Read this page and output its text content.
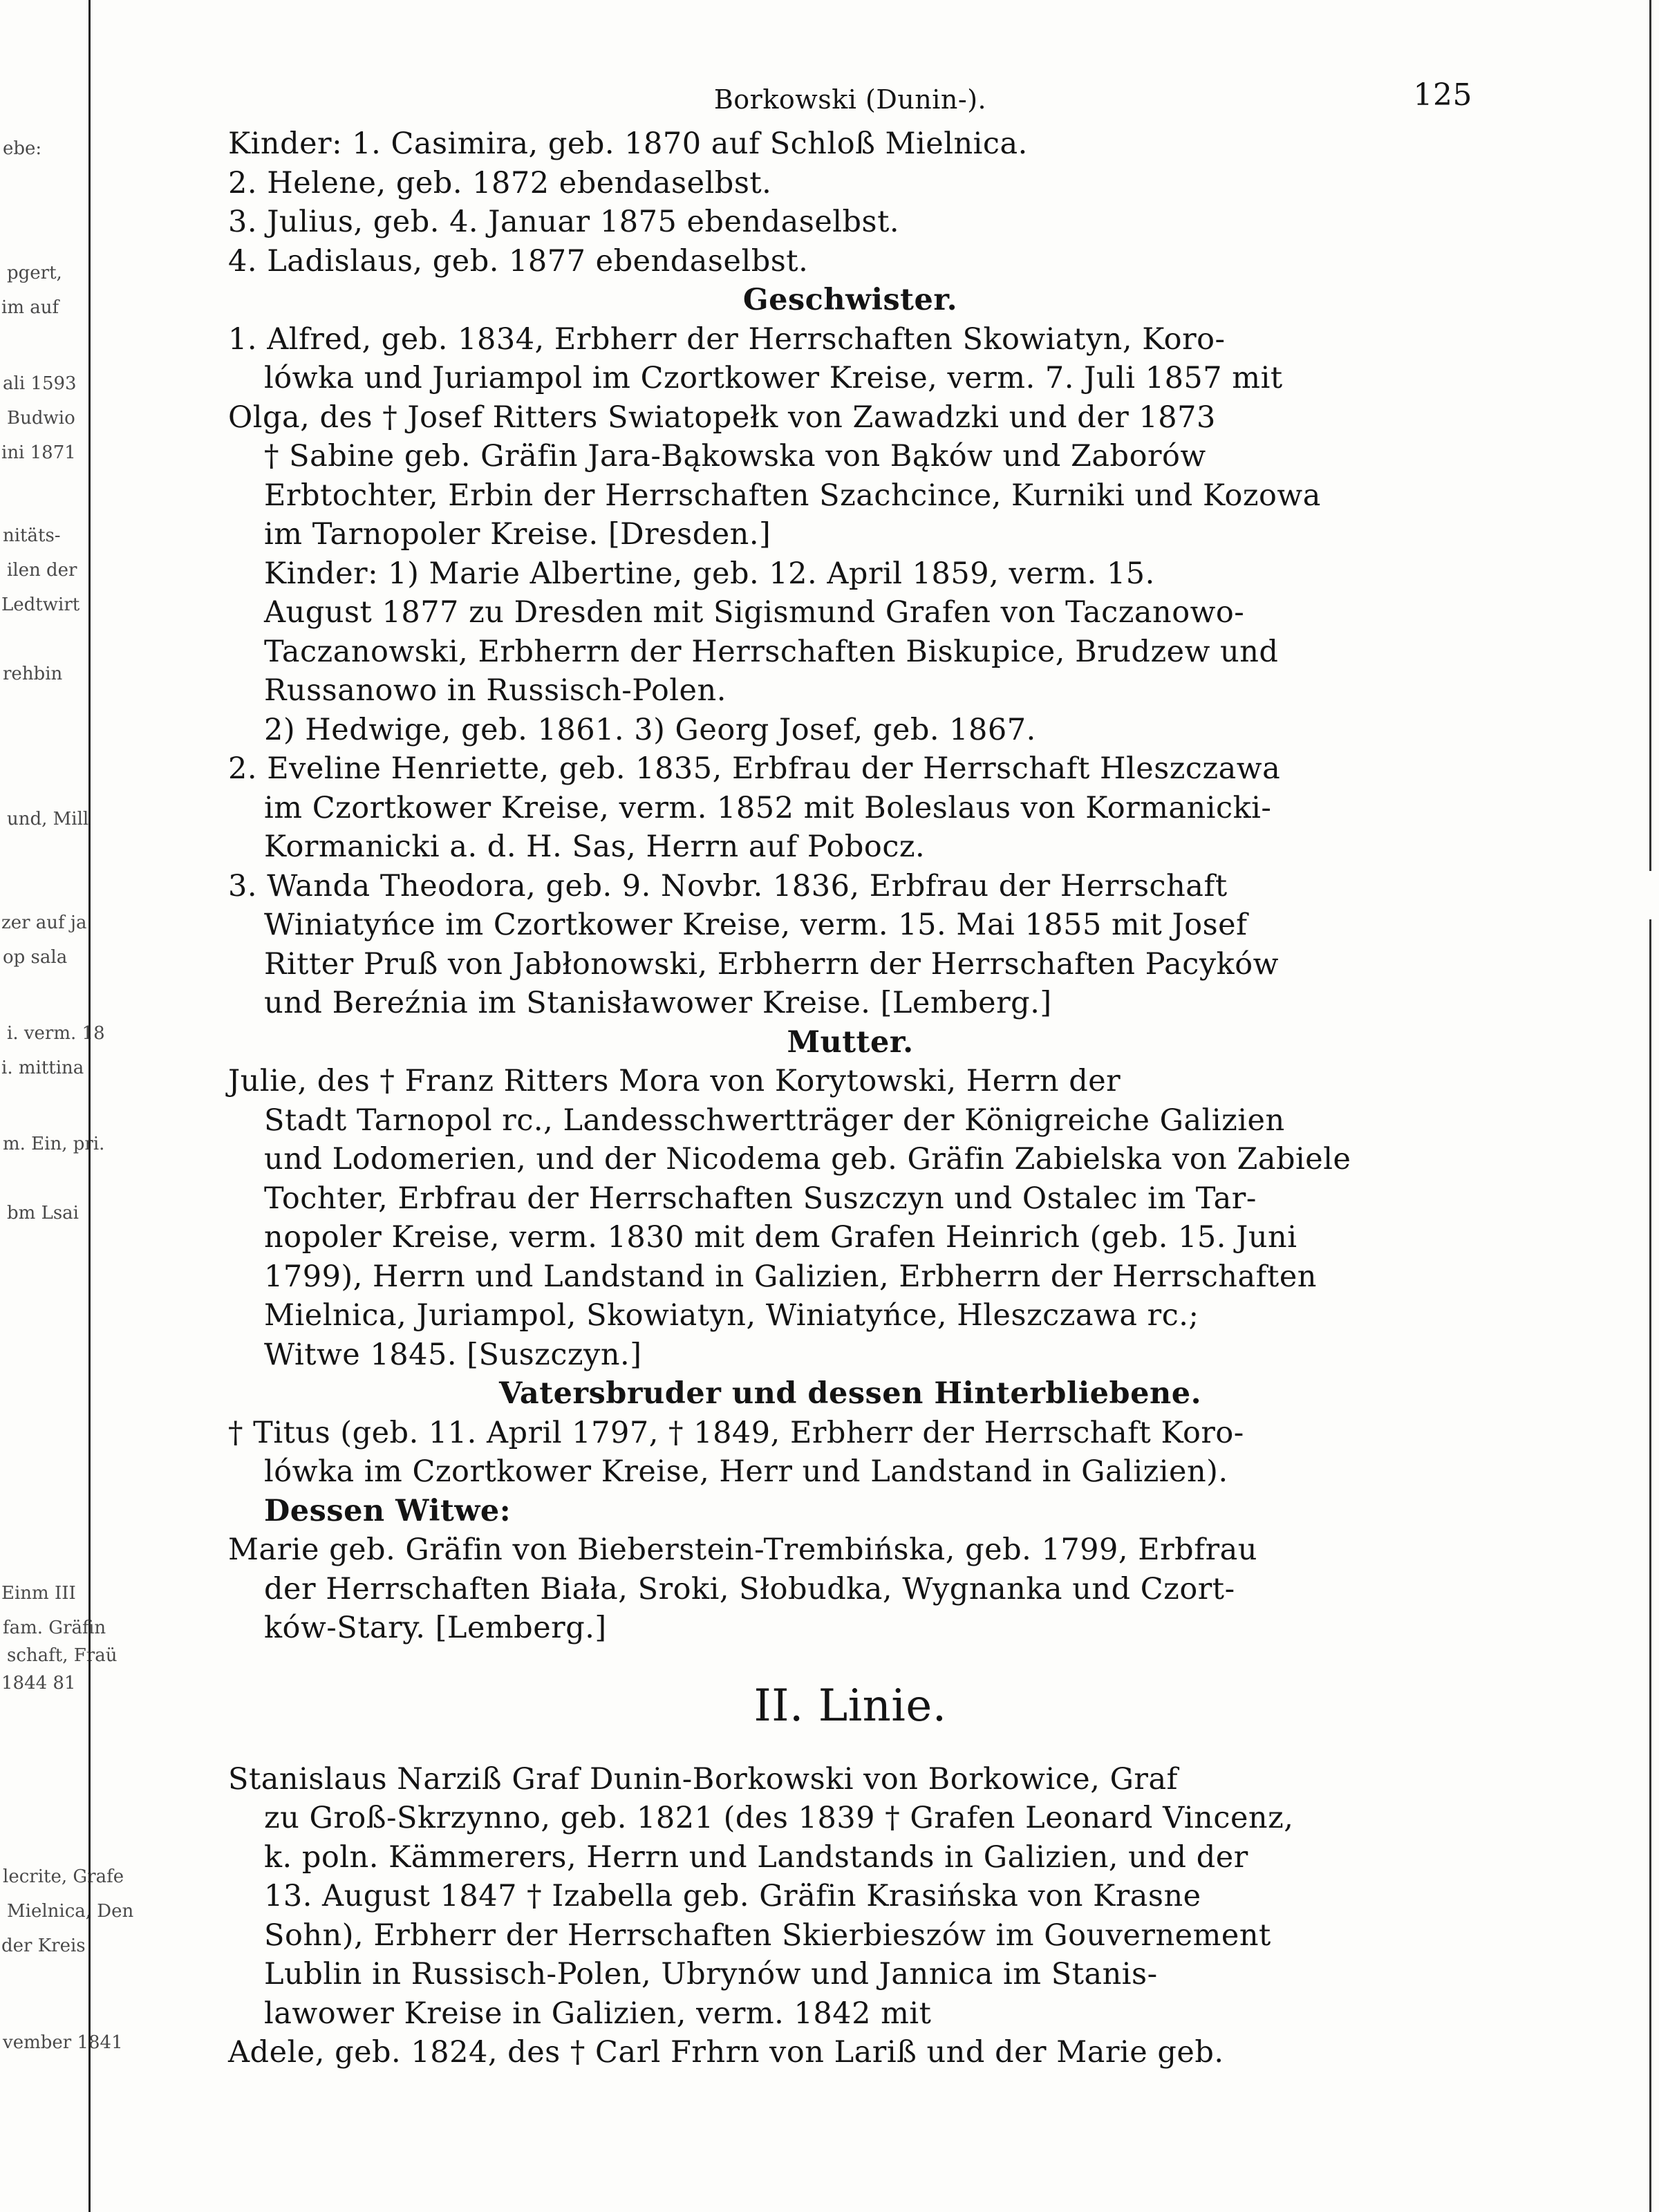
ebe:
pgert,
im auf
ali 1593
Budwio
ini 1871
nitäts-
ilen der
Ledtwirt
rehbin
und, Mill
zer auf ja
op sala
i. verm. 18
i. mittina
m. Ein, pri.
bm Lsai
Einm III
fam. Gräfin
schaft, Fraü
1844 81
lecrite, Grafe
Mielnica, Den
der Kreis
vember 1841
Borkowski (Dunin-).	125
Kinder: 1. Casimira, geb. 1870 auf Schloß Mielnica.
2. Helene, geb. 1872 ebendaselbst.
3. Julius, geb. 4. Januar 1875 ebendaselbst.
4. Ladislaus, geb. 1877 ebendaselbst.
Geschwister.
1. Alfred, geb. 1834, Erbherr der Herrschaften Skowiatyn, Koro-
lówka und Juriampol im Czortkower Kreise, verm. 7. Juli 1857 mit
Olga, des † Josef Ritters Swiatopełk von Zawadzki und der 1873
† Sabine geb. Gräfin Jara-Bąkowska von Bąków und Zaborów
Erbtochter, Erbin der Herrschaften Szachcince, Kurniki und Kozowa
im Tarnopoler Kreise. [Dresden.]
Kinder: 1) Marie Albertine, geb. 12. April 1859, verm. 15.
August 1877 zu Dresden mit Sigismund Grafen von Taczanowo-
Taczanowski, Erbherrn der Herrschaften Biskupice, Brudzew und
Russanowo in Russisch-Polen.
2) Hedwige, geb. 1861. 3) Georg Josef, geb. 1867.
2. Eveline Henriette, geb. 1835, Erbfrau der Herrschaft Hleszczawa
im Czortkower Kreise, verm. 1852 mit Boleslaus von Kormanicki-
Kormanicki a. d. H. Sas, Herrn auf Pobocz.
3. Wanda Theodora, geb. 9. Novbr. 1836, Erbfrau der Herrschaft
Winiatyńce im Czortkower Kreise, verm. 15. Mai 1855 mit Josef
Ritter Pruß von Jabłonowski, Erbherrn der Herrschaften Pacyków
und Bereźnia im Stanisławower Kreise. [Lemberg.]
Mutter.
Julie, des † Franz Ritters Mora von Korytowski, Herrn der
Stadt Tarnopol rc., Landesschwertträger der Königreiche Galizien
und Lodomerien, und der Nicodema geb. Gräfin Zabielska von Zabiele
Tochter, Erbfrau der Herrschaften Suszczyn und Ostalec im Tar-
nopoler Kreise, verm. 1830 mit dem Grafen Heinrich (geb. 15. Juni
1799), Herrn und Landstand in Galizien, Erbherrn der Herrschaften
Mielnica, Juriampol, Skowiatyn, Winiatyńce, Hleszczawa rc.;
Witwe 1845. [Suszczyn.]
Vatersbruder und dessen Hinterbliebene.
† Titus (geb. 11. April 1797, † 1849, Erbherr der Herrschaft Koro-
lówka im Czortkower Kreise, Herr und Landstand in Galizien).
Dessen Witwe:
Marie geb. Gräfin von Bieberstein-Trembińska, geb. 1799, Erbfrau
der Herrschaften Biała, Sroki, Słobudka, Wygnanka und Czort-
ków-Stary. [Lemberg.]
II. Linie.
Stanislaus Narziß Graf Dunin-Borkowski von Borkowice, Graf
zu Groß-Skrzynno, geb. 1821 (des 1839 † Grafen Leonard Vincenz,
k. poln. Kämmerers, Herrn und Landstands in Galizien, und der
13. August 1847 † Izabella geb. Gräfin Krasińska von Krasne
Sohn), Erbherr der Herrschaften Skierbieszów im Gouvernement
Lublin in Russisch-Polen, Ubrynów und Jannica im Stanis-
lawower Kreise in Galizien, verm. 1842 mit
Adele, geb. 1824, des † Carl Frhrn von Lariß und der Marie geb.
